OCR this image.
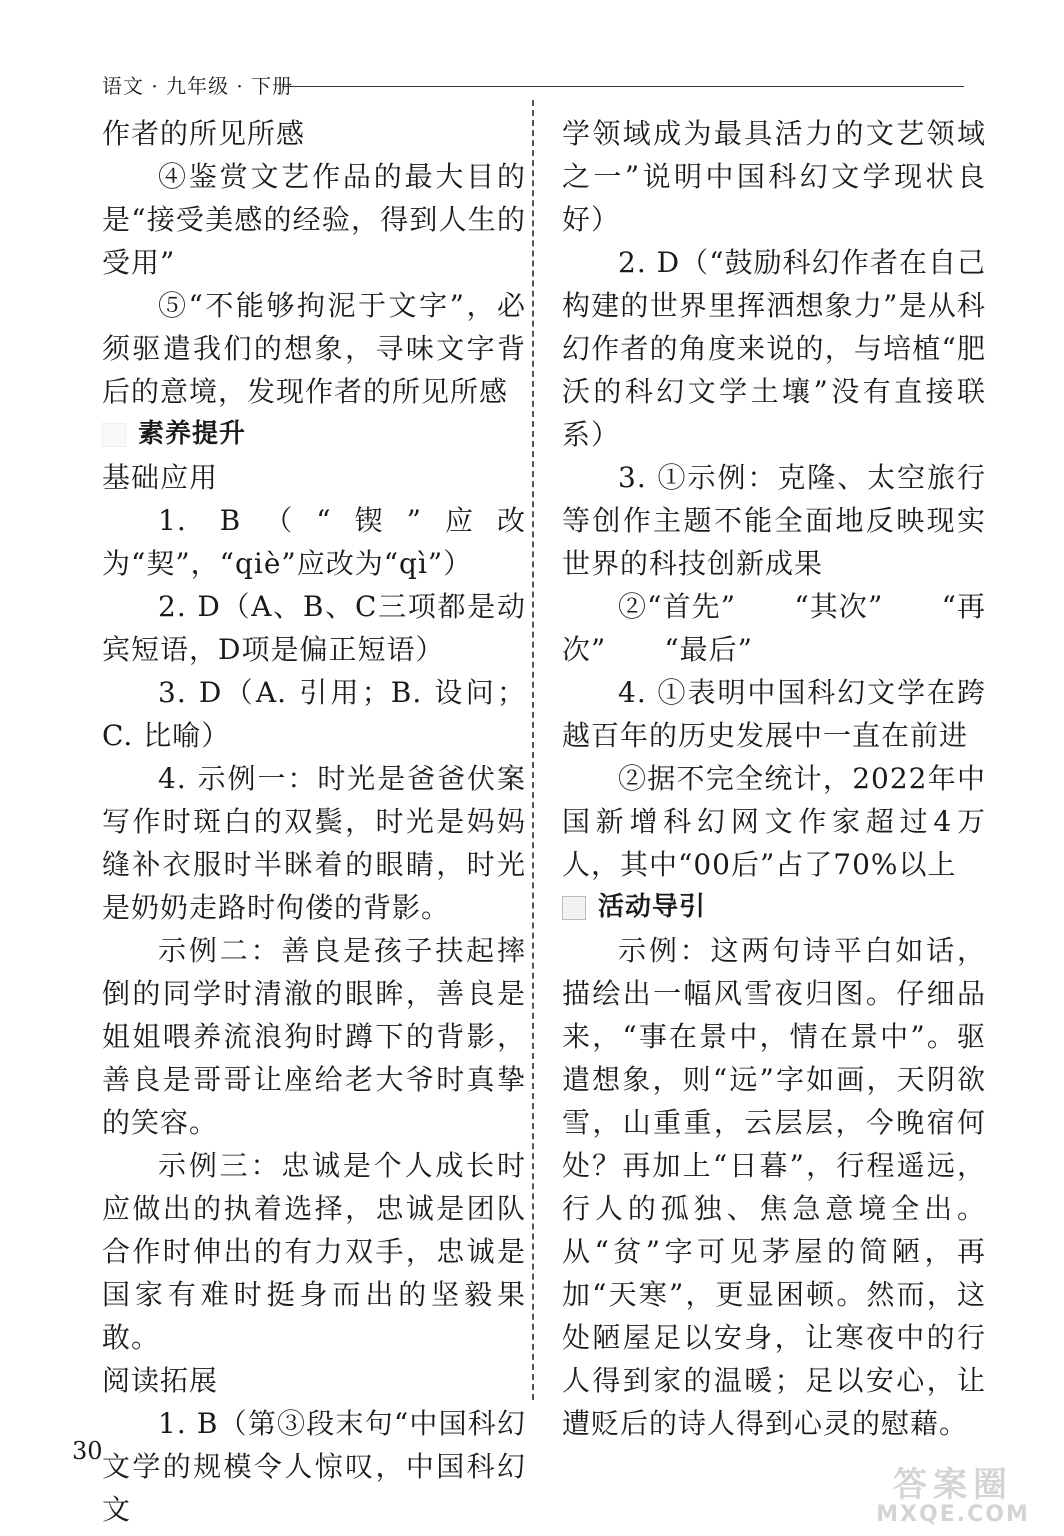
语文 · 九年级 · 下册

作者的所见所感

④鉴赏文艺作品的最大目的是“接受美感的经验，得到人生的受用”

⑤“不能够拘泥于文字”，必须驱遣我们的想象，寻味文字背后的意境，发现作者的所见所感

素养提升

基础应用

1. B（“锲”应改为“契”，“qiè”应改为“qì”）

2. D（A、B、C三项都是动宾短语，D项是偏正短语）

3. D（A. 引用；B. 设问；C. 比喻）

4. 示例一：时光是爸爸伏案写作时斑白的双鬓，时光是妈妈缝补衣服时半眯着的眼睛，时光是奶奶走路时佝偻的背影。

示例二：善良是孩子扶起摔倒的同学时清澈的眼眸，善良是姐姐喂养流浪狗时蹲下的背影，善良是哥哥让座给老大爷时真挚的笑容。

示例三：忠诚是个人成长时应做出的执着选择，忠诚是团队合作时伸出的有力双手，忠诚是国家有难时挺身而出的坚毅果敢。

阅读拓展

1. B（第③段末句“中国科幻文学的规模令人惊叹，中国科幻文

学领域成为最具活力的文艺领域之一”说明中国科幻文学现状良好）

2. D（“鼓励科幻作者在自己构建的世界里挥洒想象力”是从科幻作者的角度来说的，与培植“肥沃的科幻文学土壤”没有直接联系）

3. ①示例：克隆、太空旅行等创作主题不能全面地反映现实世界的科技创新成果

②“首先”　　“其次”　　“再次”　　“最后”

4. ①表明中国科幻文学在跨越百年的历史发展中一直在前进

②据不完全统计，2022年中国新增科幻网文作家超过4万人，其中“00后”占了70%以上

活动导引

示例：这两句诗平白如话，描绘出一幅风雪夜归图。仔细品来，“事在景中，情在景中”。驱遣想象，则“远”字如画，天阴欲雪，山重重，云层层，今晚宿何处？再加上“日暮”，行程遥远，行人的孤独、焦急意境全出。从“贫”字可见茅屋的简陋，再加“天寒”，更显困顿。然而，这处陋屋足以安身，让寒夜中的行人得到家的温暖；足以安心，让遭贬后的诗人得到心灵的慰藉。

30
答案圈
MXQE.COM
